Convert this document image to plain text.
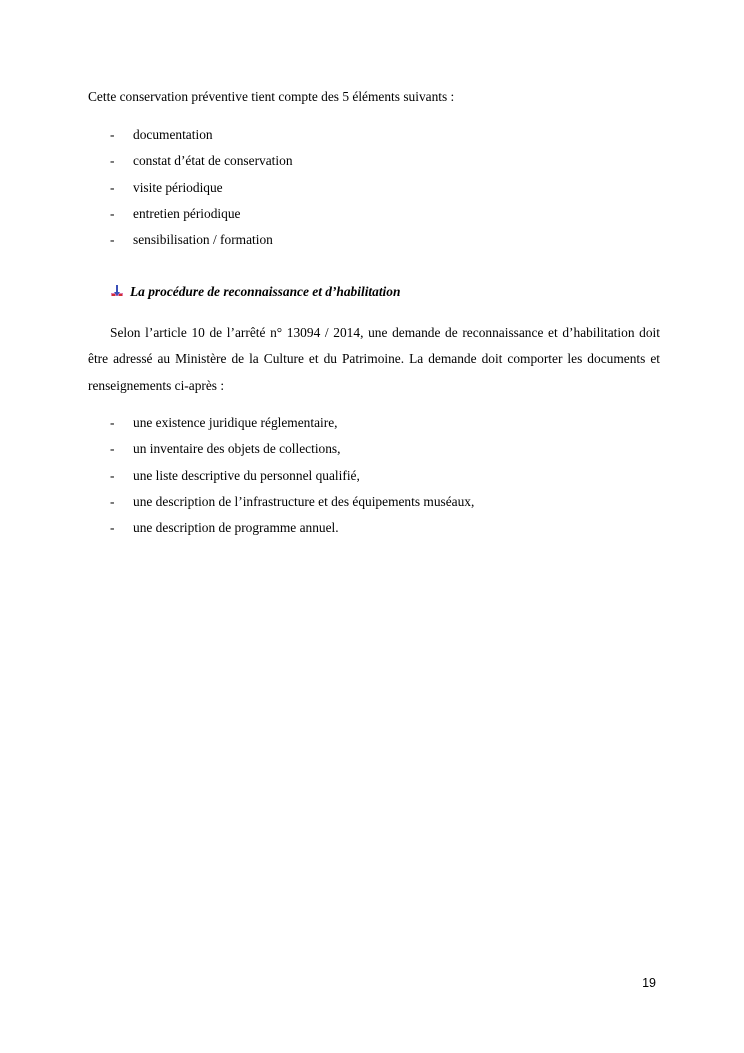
Cette conservation préventive tient compte des 5 éléments suivants :
- documentation
- constat d’état de conservation
- visite périodique
- entretien périodique
- sensibilisation / formation
La procédure de reconnaissance et d’habilitation
Selon l’article 10 de l’arrêté n° 13094 / 2014, une demande de reconnaissance et d’habilitation doit être adressé au Ministère de la Culture et du Patrimoine. La demande doit comporter les documents et renseignements ci-après :
- une existence juridique réglementaire,
- un inventaire des objets de collections,
- une liste descriptive du personnel qualifié,
- une description de l’infrastructure et des équipements muséaux,
- une description de programme annuel.
19
